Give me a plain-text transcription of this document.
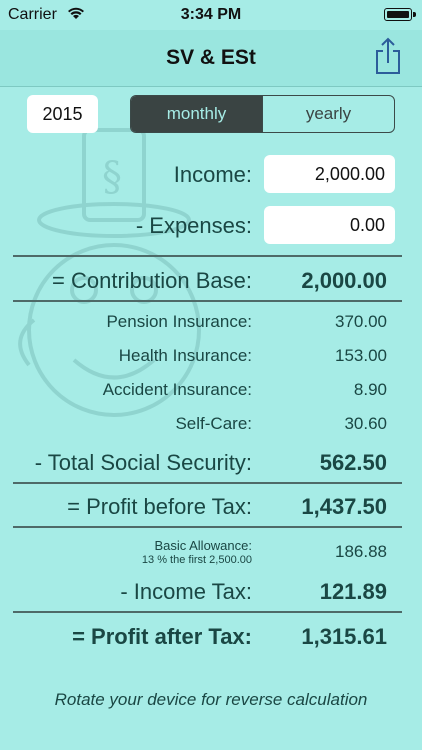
Carrier	3:34 PM
SV & ESt
§
2015	monthly	yearly
Income:	2,000.00
- Expenses:	0.00
= Contribution Base: 2,000.00
Pension Insurance:	370.00
Health Insurance:	153.00
Accident Insurance:	8.90
Self-Care:	30.60
- Total Social Security:	562.50
= Profit before Tax: 1,437.50
Basic Allowance:
13 % the first 2,500.00	186.88
- Income Tax:	121.89
= Profit after Tax: 1,315.61
Rotate your device for reverse calculation
